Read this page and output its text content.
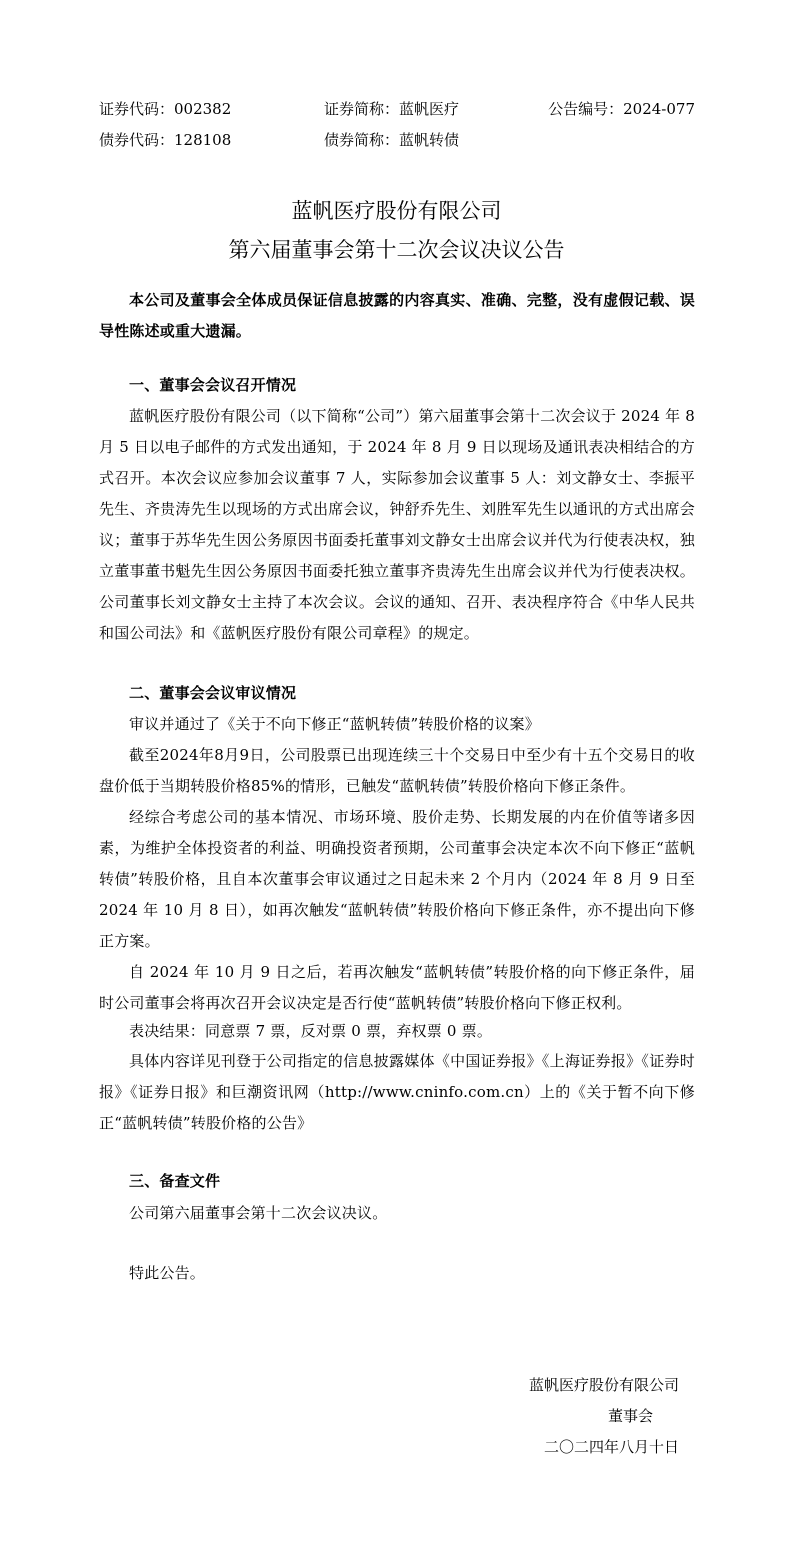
证券代码：002382	证券简称：蓝帆医疗	公告编号：2024-077
债券代码：128108	债券简称：蓝帆转债
蓝帆医疗股份有限公司
第六届董事会第十二次会议决议公告
本公司及董事会全体成员保证信息披露的内容真实、准确、完整，没有虚假记载、误导性陈述或重大遗漏。
一、董事会会议召开情况
蓝帆医疗股份有限公司（以下简称“公司”）第六届董事会第十二次会议于 2024 年 8 月 5 日以电子邮件的方式发出通知，于 2024 年 8 月 9 日以现场及通讯表决相结合的方式召开。本次会议应参加会议董事 7 人，实际参加会议董事 5 人：刘文静女士、李振平先生、齐贵涛先生以现场的方式出席会议，钟舒乔先生、刘胜军先生以通讯的方式出席会议；董事于苏华先生因公务原因书面委托董事刘文静女士出席会议并代为行使表决权，独立董事董书魁先生因公务原因书面委托独立董事齐贵涛先生出席会议并代为行使表决权。公司董事长刘文静女士主持了本次会议。会议的通知、召开、表决程序符合《中华人民共和国公司法》和《蓝帆医疗股份有限公司章程》的规定。
二、董事会会议审议情况
审议并通过了《关于不向下修正“蓝帆转债”转股价格的议案》
截至2024年8月9日，公司股票已出现连续三十个交易日中至少有十五个交易日的收盘价低于当期转股价格85%的情形，已触发“蓝帆转债”转股价格向下修正条件。
经综合考虑公司的基本情况、市场环境、股价走势、长期发展的内在价值等诸多因素，为维护全体投资者的利益、明确投资者预期，公司董事会决定本次不向下修正“蓝帆转债”转股价格，且自本次董事会审议通过之日起未来 2 个月内（2024 年 8 月 9 日至 2024 年 10 月 8 日），如再次触发“蓝帆转债”转股价格向下修正条件，亦不提出向下修正方案。
自 2024 年 10 月 9 日之后，若再次触发“蓝帆转债”转股价格的向下修正条件，届时公司董事会将再次召开会议决定是否行使“蓝帆转债”转股价格向下修正权利。
表决结果：同意票 7 票，反对票 0 票，弃权票 0 票。
具体内容详见刊登于公司指定的信息披露媒体《中国证券报》《上海证券报》《证券时报》《证券日报》和巨潮资讯网（http://www.cninfo.com.cn）上的《关于暂不向下修正“蓝帆转债”转股价格的公告》
三、备查文件
公司第六届董事会第十二次会议决议。
特此公告。
蓝帆医疗股份有限公司
董事会
二〇二四年八月十日
